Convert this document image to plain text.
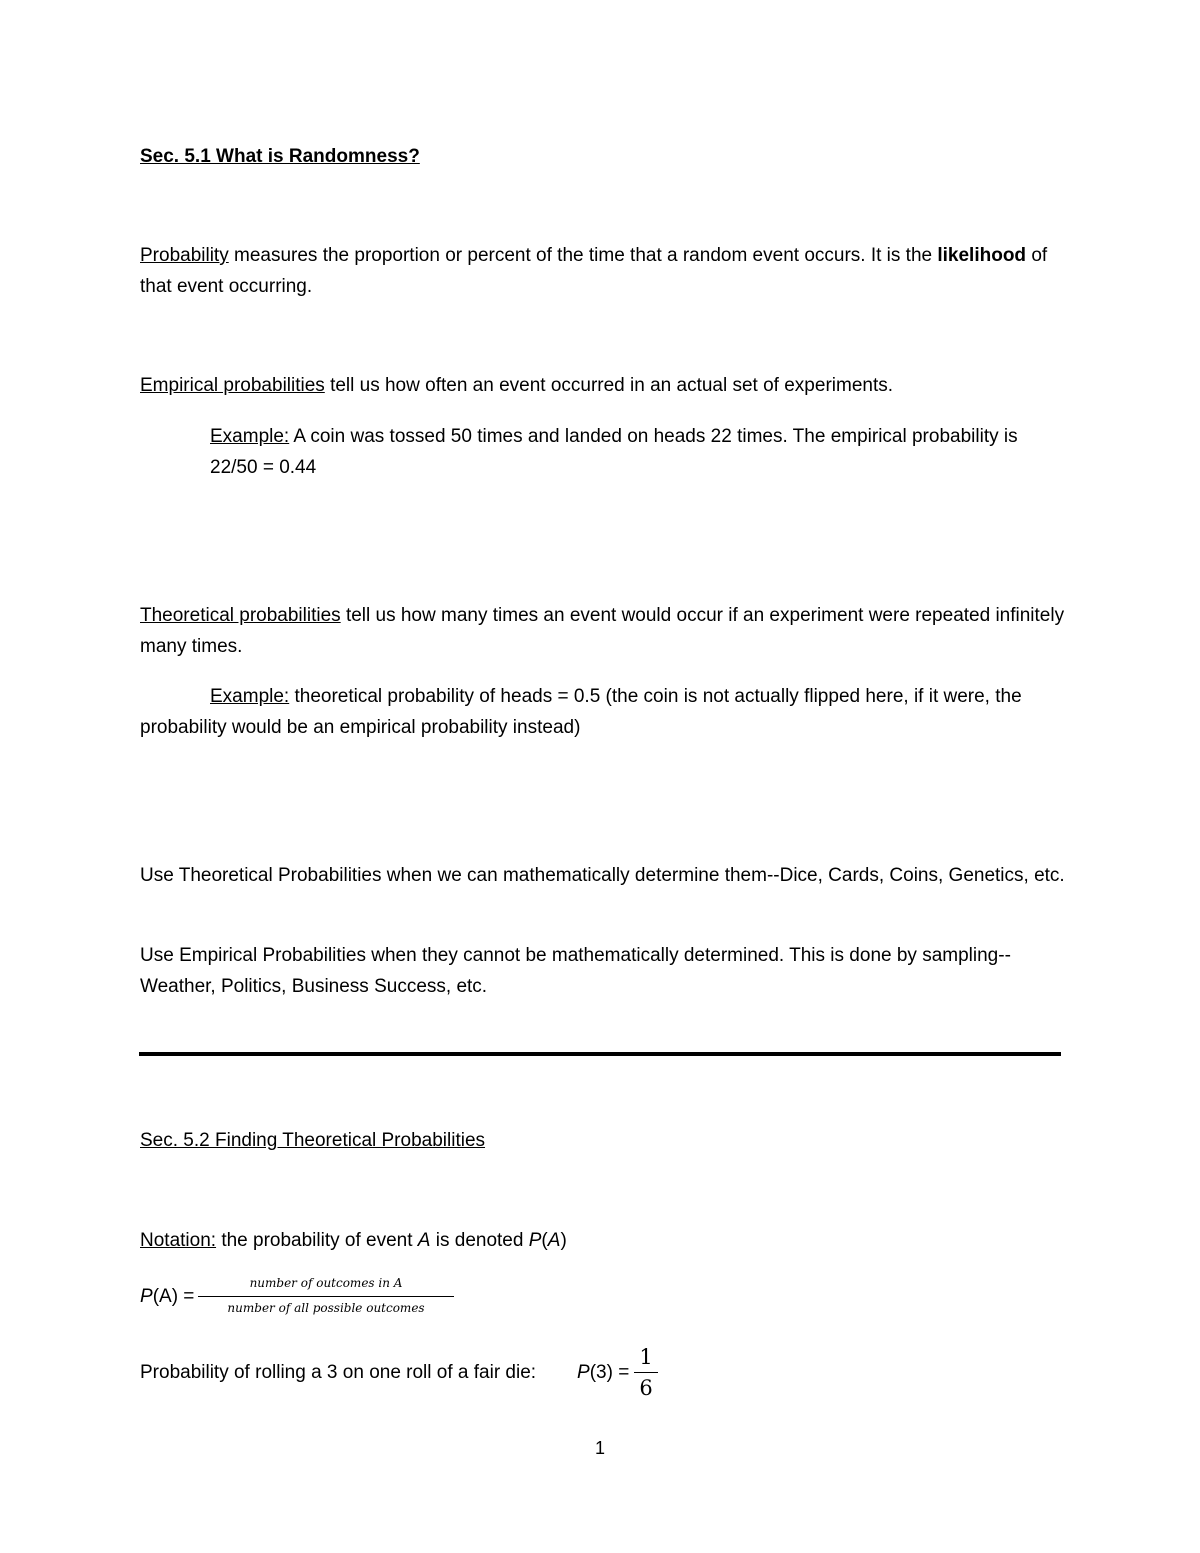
Sec. 5.1 What is Randomness?
Probability measures the proportion or percent of the time that a random event occurs. It is the likelihood of that event occurring.
Empirical probabilities tell us how often an event occurred in an actual set of experiments.
Example: A coin was tossed 50 times and landed on heads 22 times. The empirical probability is 22/50 = 0.44
Theoretical probabilities tell us how many times an event would occur if an experiment were repeated infinitely many times.
Example: theoretical probability of heads = 0.5 (the coin is not actually flipped here, if it were, the probability would be an empirical probability instead)
Use Theoretical Probabilities when we can mathematically determine them--Dice, Cards, Coins, Genetics, etc.
Use Empirical Probabilities when they cannot be mathematically determined. This is done by sampling--Weather, Politics, Business Success, etc.
Sec. 5.2 Finding Theoretical Probabilities
Notation: the probability of event A is denoted P(A)
P(A) =
number of outcomes in A
number of all possible outcomes
Probability of rolling a 3 on one roll of a fair die:	P(3) =
1
6
1
